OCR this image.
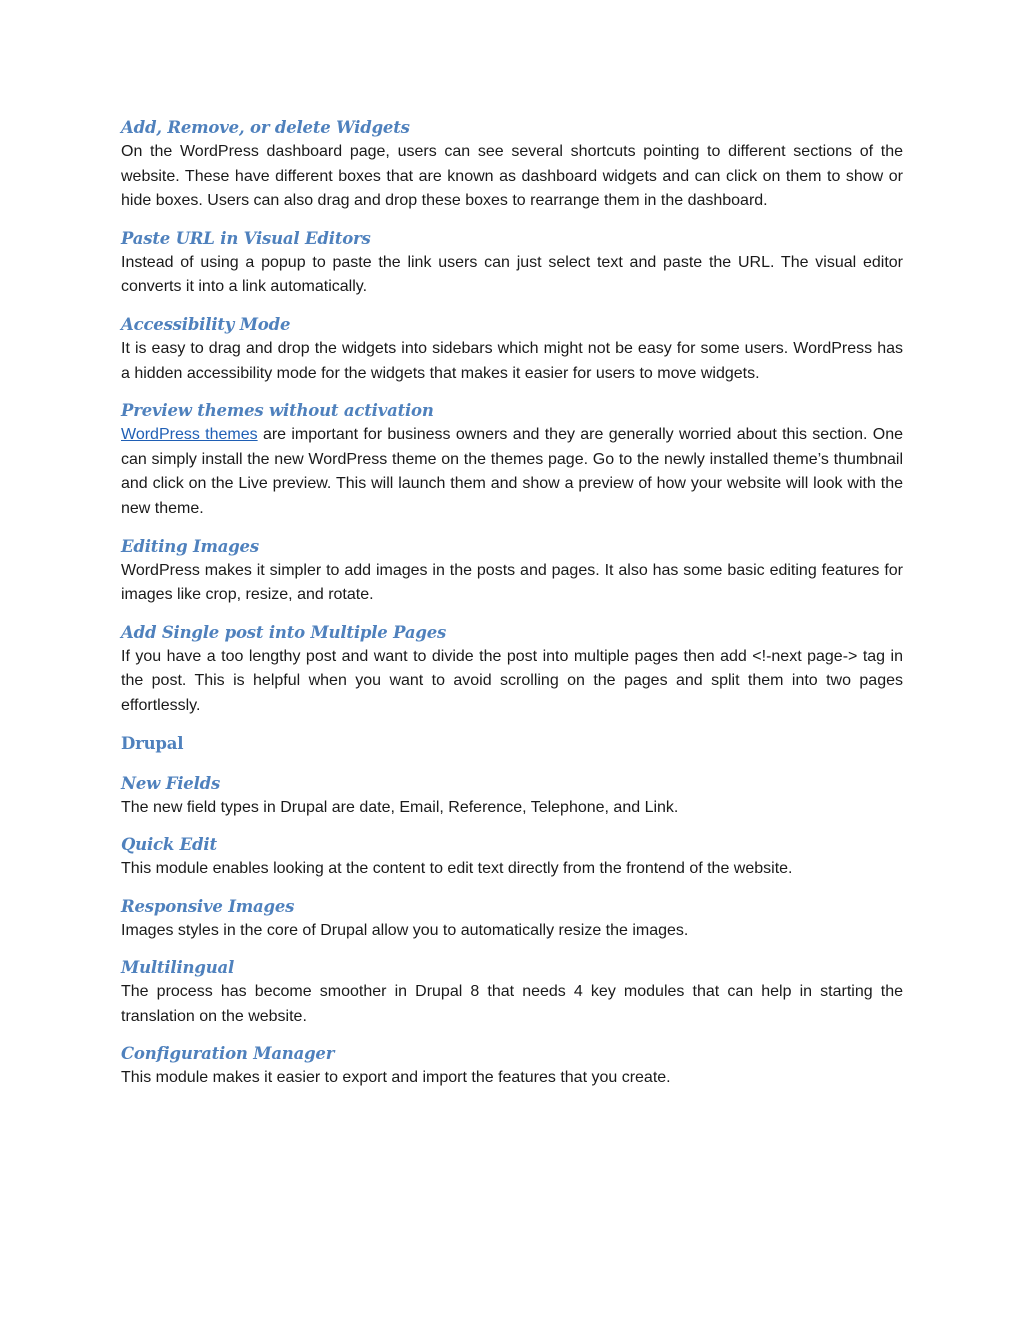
Add, Remove, or delete Widgets

On the WordPress dashboard page, users can see several shortcuts pointing to different sections of the website. These have different boxes that are known as dashboard widgets and can click on them to show or hide boxes. Users can also drag and drop these boxes to rearrange them in the dashboard.

Paste URL in Visual Editors

Instead of using a popup to paste the link users can just select text and paste the URL. The visual editor converts it into a link automatically.

Accessibility Mode

It is easy to drag and drop the widgets into sidebars which might not be easy for some users. WordPress has a hidden accessibility mode for the widgets that makes it easier for users to move widgets.

Preview themes without activation

WordPress themes are important for business owners and they are generally worried about this section. One can simply install the new WordPress theme on the themes page. Go to the newly installed theme’s thumbnail and click on the Live preview. This will launch them and show a preview of how your website will look with the new theme.

Editing Images

WordPress makes it simpler to add images in the posts and pages. It also has some basic editing features for images like crop, resize, and rotate.

Add Single post into Multiple Pages

If you have a too lengthy post and want to divide the post into multiple pages then add <!-next page-> tag in the post. This is helpful when you want to avoid scrolling on the pages and split them into two pages effortlessly.

Drupal
New Fields

The new field types in Drupal are date, Email, Reference, Telephone, and Link.

Quick Edit

This module enables looking at the content to edit text directly from the frontend of the website.

Responsive Images

Images styles in the core of Drupal allow you to automatically resize the images.

Multilingual

The process has become smoother in Drupal 8 that needs 4 key modules that can help in starting the translation on the website.

Configuration Manager

This module makes it easier to export and import the features that you create.
